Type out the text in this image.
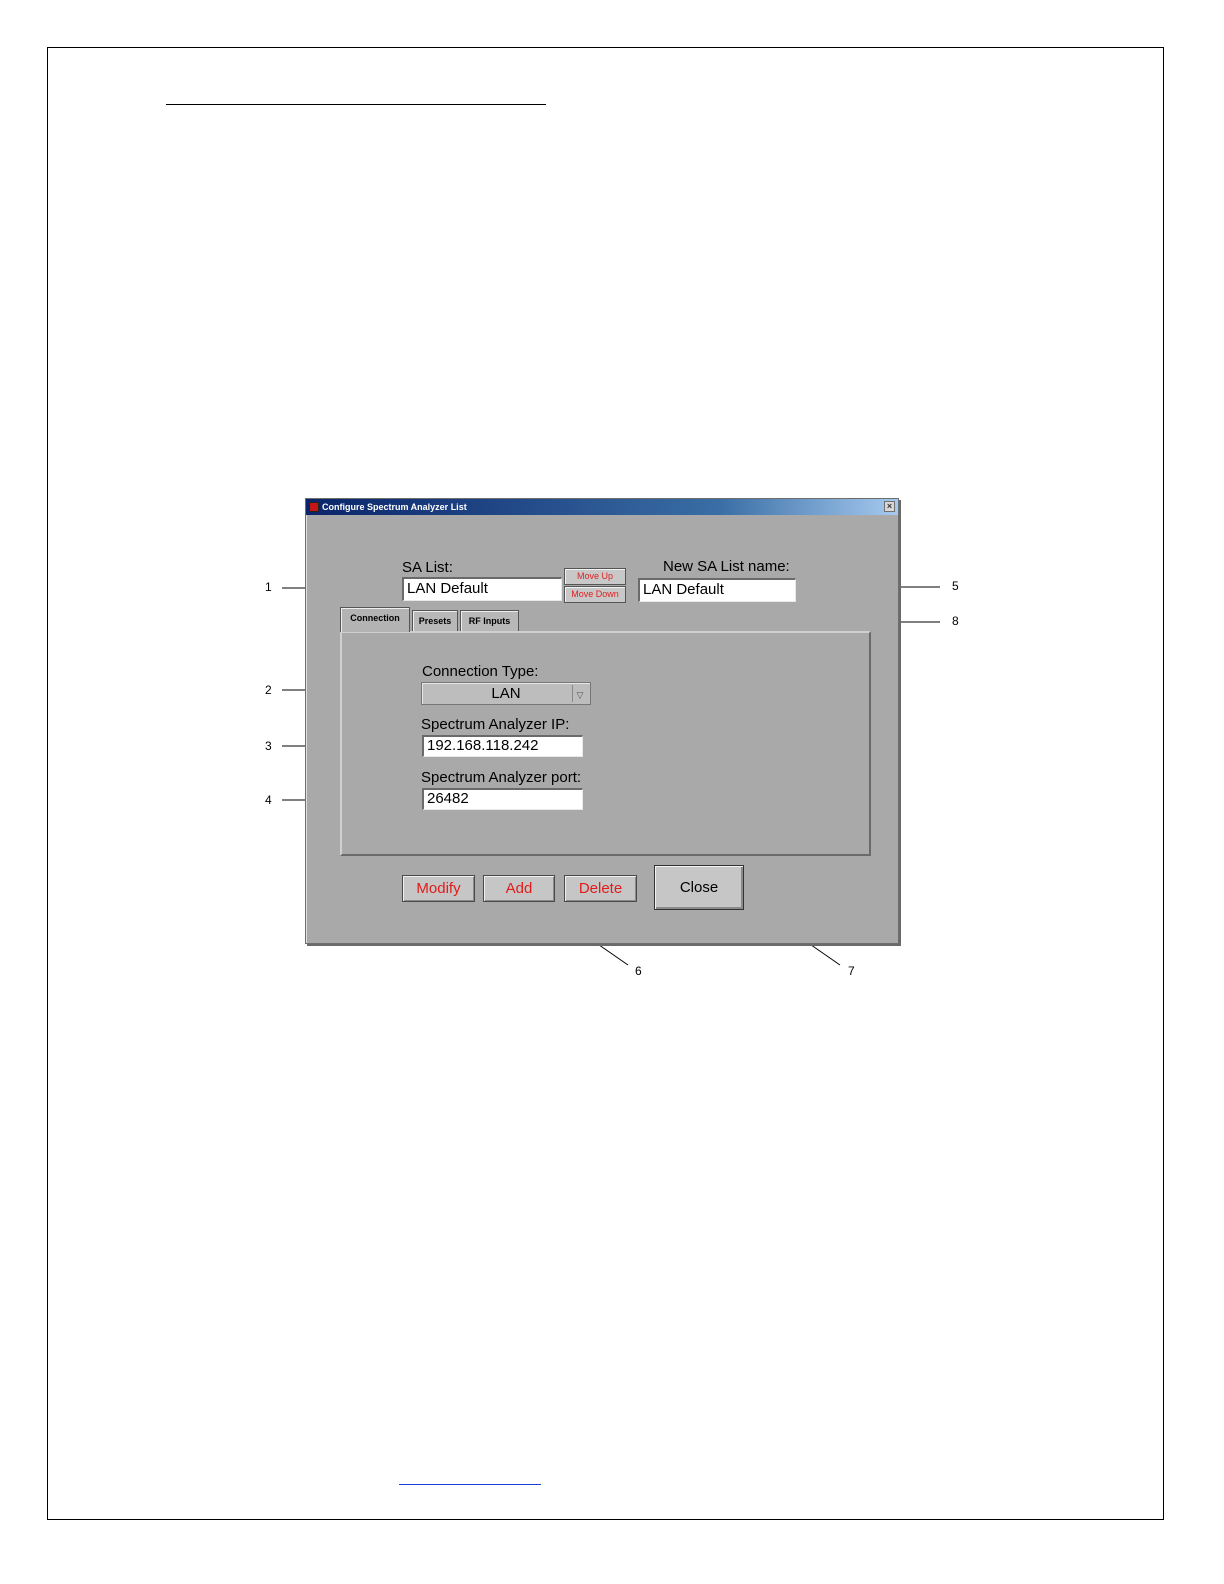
1
2
3
4
5
6	7
8
Configure Spectrum Analyzer List	×
SA List:
LAN Default
Move Up
Move Down
New SA List name:
LAN Default
Connection	Presets	RF Inputs
Connection Type:
LAN	▽
Spectrum Analyzer IP:
192.168.118.242
Spectrum Analyzer port:
26482
Modify	Add	Delete	Close
